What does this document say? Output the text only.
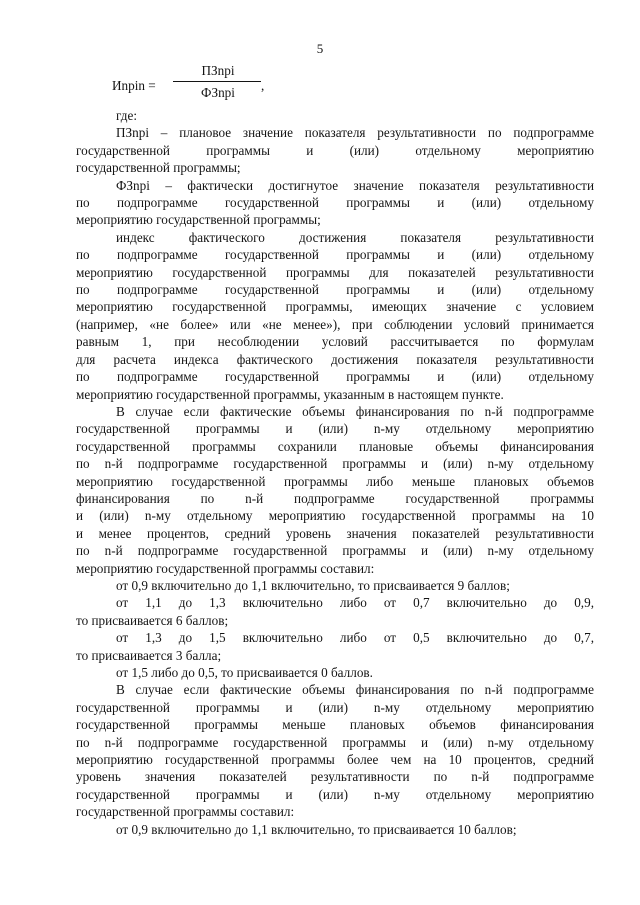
5
Иnpin =
ПЗnpi
ФЗnpi	,
где:
ПЗnpi – плановое значение показателя результативности по подпрограмме
государственной программы и (или) отдельному мероприятию
государственной программы;
ФЗnpi – фактически достигнутое значение показателя результативности
по подпрограмме государственной программы и (или) отдельному
мероприятию государственной программы;
индекс фактического достижения показателя результативности
по подпрограмме государственной программы и (или) отдельному
мероприятию государственной программы для показателей результативности
по подпрограмме государственной программы и (или) отдельному
мероприятию государственной программы, имеющих значение с условием
(например, «не более» или «не менее»), при соблюдении условий принимается
равным 1, при несоблюдении условий рассчитывается по формулам
для расчета индекса фактического достижения показателя результативности
по подпрограмме государственной программы и (или) отдельному
мероприятию государственной программы, указанным в настоящем пункте.
В случае если фактические объемы финансирования по n-й подпрограмме
государственной программы и (или) n-му отдельному мероприятию
государственной программы сохранили плановые объемы финансирования
по n-й подпрограмме государственной программы и (или) n-му отдельному
мероприятию государственной программы либо меньше плановых объемов
финансирования по n-й подпрограмме государственной программы
и (или) n-му отдельному мероприятию государственной программы на 10
и менее процентов, средний уровень значения показателей результативности
по n-й подпрограмме государственной программы и (или) n-му отдельному
мероприятию государственной программы составил:
от 0,9 включительно до 1,1 включительно, то присваивается 9 баллов;
от 1,1 до 1,3 включительно либо от 0,7 включительно до 0,9,
то присваивается 6 баллов;
от 1,3 до 1,5 включительно либо от 0,5 включительно до 0,7,
то присваивается 3 балла;
от 1,5 либо до 0,5, то присваивается 0 баллов.
В случае если фактические объемы финансирования по n-й подпрограмме
государственной программы и (или) n-му отдельному мероприятию
государственной программы меньше плановых объемов финансирования
по n-й подпрограмме государственной программы и (или) n-му отдельному
мероприятию государственной программы более чем на 10 процентов, средний
уровень значения показателей результативности по n-й подпрограмме
государственной программы и (или) n-му отдельному мероприятию
государственной программы составил:
от 0,9 включительно до 1,1 включительно, то присваивается 10 баллов;
